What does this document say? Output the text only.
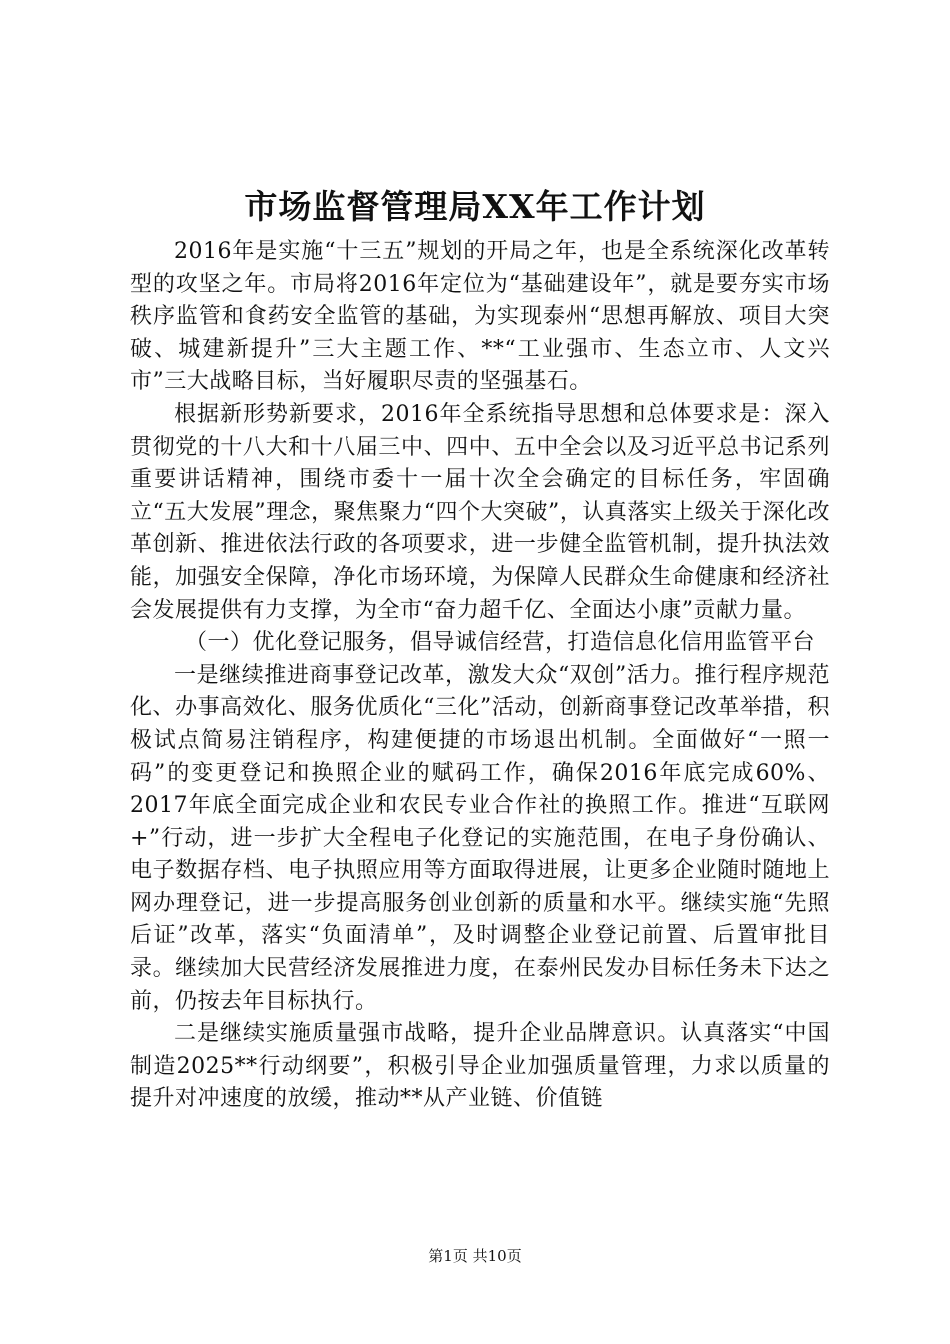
市场监督管理局XX年工作计划

2016年是实施“十三五”规划的开局之年，也是全系统深化改革转型的攻坚之年。市局将2016年定位为“基础建设年”，就是要夯实市场秩序监管和食药安全监管的基础，为实现泰州“思想再解放、项目大突破、城建新提升”三大主题工作、**“工业强市、生态立市、人文兴市”三大战略目标，当好履职尽责的坚强基石。

根据新形势新要求，2016年全系统指导思想和总体要求是：深入贯彻党的十八大和十八届三中、四中、五中全会以及习近平总书记系列重要讲话精神，围绕市委十一届十次全会确定的目标任务，牢固确立“五大发展”理念，聚焦聚力“四个大突破”，认真落实上级关于深化改革创新、推进依法行政的各项要求，进一步健全监管机制，提升执法效能，加强安全保障，净化市场环境，为保障人民群众生命健康和经济社会发展提供有力支撑，为全市“奋力超千亿、全面达小康”贡献力量。

（一）优化登记服务，倡导诚信经营，打造信息化信用监管平台

一是继续推进商事登记改革，激发大众“双创”活力。推行程序规范化、办事高效化、服务优质化“三化”活动，创新商事登记改革举措，积极试点简易注销程序，构建便捷的市场退出机制。全面做好“一照一码”的变更登记和换照企业的赋码工作，确保2016年底完成60%、2017年底全面完成企业和农民专业合作社的换照工作。推进“互联网+”行动，进一步扩大全程电子化登记的实施范围，在电子身份确认、电子数据存档、电子执照应用等方面取得进展，让更多企业随时随地上网办理登记，进一步提高服务创业创新的质量和水平。继续实施“先照后证”改革，落实“负面清单”，及时调整企业登记前置、后置审批目录。继续加大民营经济发展推进力度，在泰州民发办目标任务未下达之前，仍按去年目标执行。

二是继续实施质量强市战略，提升企业品牌意识。认真落实“中国制造2025**行动纲要”，积极引导企业加强质量管理，力求以质量的提升对冲速度的放缓，推动**从产业链、价值链

第1页 共10页
